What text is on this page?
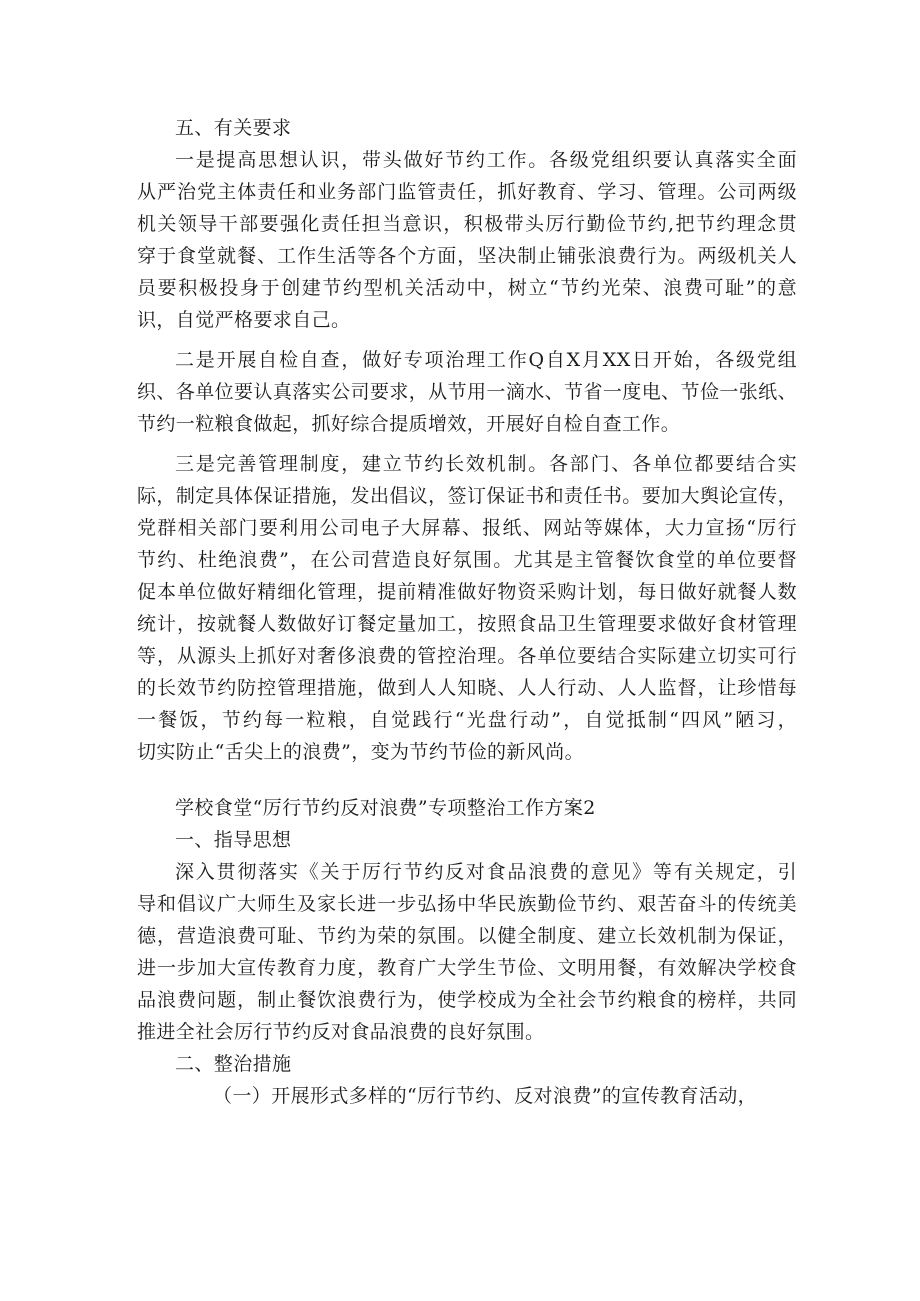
五、有关要求
一是提高思想认识，带头做好节约工作。各级党组织要认真落实全面
从严治党主体责任和业务部门监管责任，抓好教育、学习、管理。公司两级
机关领导干部要强化责任担当意识，积极带头厉行勤俭节约,把节约理念贯
穿于食堂就餐、工作生活等各个方面，坚决制止铺张浪费行为。两级机关人
员要积极投身于创建节约型机关活动中，树立“节约光荣、浪费可耻”的意
识，自觉严格要求自己。
二是开展自检自查，做好专项治理工作Q自X月XX日开始，各级党组
织、各单位要认真落实公司要求，从节用一滴水、节省一度电、节俭一张纸、
节约一粒粮食做起，抓好综合提质增效，开展好自检自查工作。
三是完善管理制度，建立节约长效机制。各部门、各单位都要结合实
际，制定具体保证措施，发出倡议，签订保证书和责任书。要加大舆论宣传，
党群相关部门要利用公司电子大屏幕、报纸、网站等媒体，大力宣扬“厉行
节约、杜绝浪费”，在公司营造良好氛围。尤其是主管餐饮食堂的单位要督
促本单位做好精细化管理，提前精准做好物资采购计划，每日做好就餐人数
统计，按就餐人数做好订餐定量加工，按照食品卫生管理要求做好食材管理
等，从源头上抓好对奢侈浪费的管控治理。各单位要结合实际建立切实可行
的长效节约防控管理措施，做到人人知晓、人人行动、人人监督，让珍惜每
一餐饭，节约每一粒粮，自觉践行“光盘行动”，自觉抵制“四风”陋习，
切实防止“舌尖上的浪费”，变为节约节俭的新风尚。
学校食堂“厉行节约反对浪费”专项整治工作方案2
一、指导思想
深入贯彻落实《关于厉行节约反对食品浪费的意见》等有关规定，引
导和倡议广大师生及家长进一步弘扬中华民族勤俭节约、艰苦奋斗的传统美
德，营造浪费可耻、节约为荣的氛围。以健全制度、建立长效机制为保证，
进一步加大宣传教育力度，教育广大学生节俭、文明用餐，有效解决学校食
品浪费问题，制止餐饮浪费行为，使学校成为全社会节约粮食的榜样，共同
推进全社会厉行节约反对食品浪费的良好氛围。
二、整治措施
（一）开展形式多样的“厉行节约、反对浪费”的宣传教育活动，
